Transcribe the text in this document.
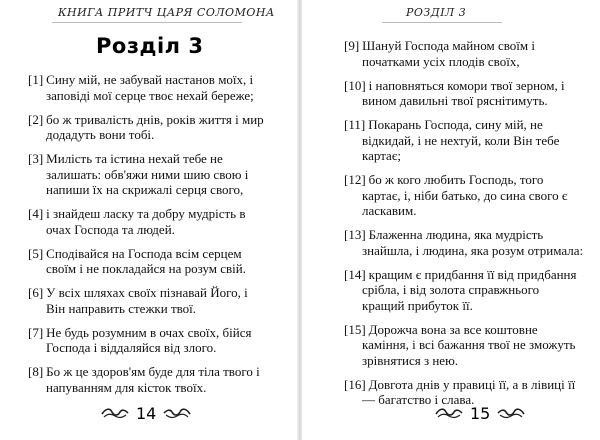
КНИГА ПРИТЧ ЦАРЯ СОЛОМОНА
Розділ 3
[1] Сину мій, не забувай настанов моїх, і заповіді мої серце твоє нехай береже;
[2] бо ж тривалість днів, років життя і мир додадуть вони тобі.
[3] Милість та істина нехай тебе не залишать: обв'яжи ними шию свою і напиши їх на скрижалі серця свого,
[4] і знайдеш ласку та добру мудрість в очах Господа та людей.
[5] Сподівайся на Господа всім серцем своїм і не покладайся на розум свій.
[6] У всіх шляхах своїх пізнавай Його, і Він направить стежки твої.
[7] Не будь розумним в очах своїх, бійся Господа і віддаляйся від злого.
[8] Бо ж це здоров'ям буде для тіла твого і напуванням для кісток твоїх.
14
РОЗДІЛ 3
[9] Шануй Господа майном своїм і початками усіх плодів своїх,
[10] і наповняться комори твої зерном, і вином давильні твої ряснітимуть.
[11] Покарань Господа, сину мій, не відкидай, і не нехтуй, коли Він тебе картає;
[12] бо ж кого любить Господь, того картає, і, ніби батько, до сина свого є ласкавим.
[13] Блаженна людина, яка мудрість знайшла, і людина, яка розум отримала:
[14] кращим є придбання її від придбання срібла, і від золота справжнього кращий прибуток її.
[15] Дорожча вона за все коштовне каміння, і всі бажання твої не зможуть зрівнятися з нею.
[16] Довгота днів у правиці її, а в лівиці її — багатство і слава.
15
